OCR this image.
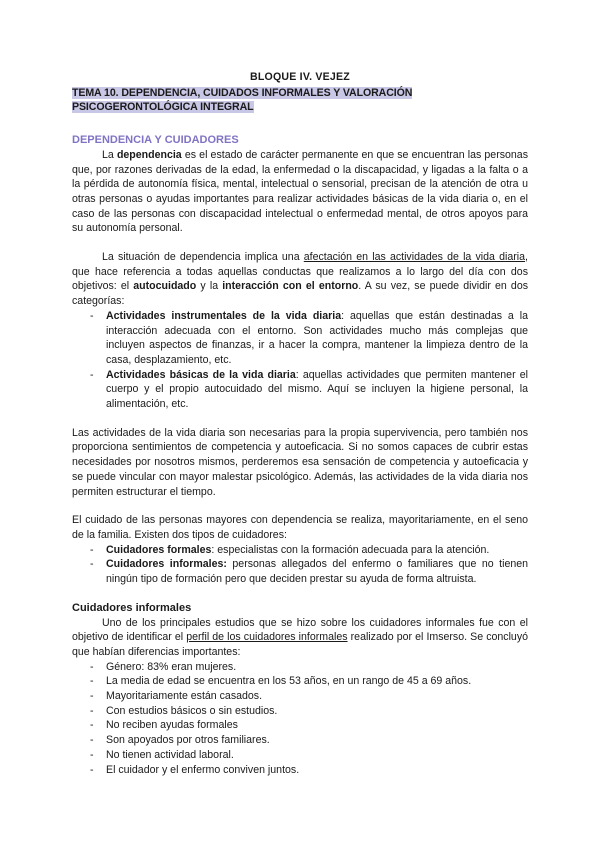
BLOQUE IV. VEJEZ
TEMA 10. DEPENDENCIA, CUIDADOS INFORMALES Y VALORACIÓN
PSICOGERONTOLÓGICA INTEGRAL
DEPENDENCIA Y CUIDADORES

La dependencia es el estado de carácter permanente en que se encuentran las personas que, por razones derivadas de la edad, la enfermedad o la discapacidad, y ligadas a la falta o a la pérdida de autonomía física, mental, intelectual o sensorial, precisan de la atención de otra u otras personas o ayudas importantes para realizar actividades básicas de la vida diaria o, en el caso de las personas con discapacidad intelectual o enfermedad mental, de otros apoyos para su autonomía personal.

La situación de dependencia implica una afectación en las actividades de la vida diaria, que hace referencia a todas aquellas conductas que realizamos a lo largo del día con dos objetivos: el autocuidado y la interacción con el entorno. A su vez, se puede dividir en dos categorías:

- Actividades instrumentales de la vida diaria: aquellas que están destinadas a la interacción adecuada con el entorno. Son actividades mucho más complejas que incluyen aspectos de finanzas, ir a hacer la compra, mantener la limpieza dentro de la casa, desplazamiento, etc.
- Actividades básicas de la vida diaria: aquellas actividades que permiten mantener el cuerpo y el propio autocuidado del mismo. Aquí se incluyen la higiene personal, la alimentación, etc.

Las actividades de la vida diaria son necesarias para la propia supervivencia, pero también nos proporciona sentimientos de competencia y autoeficacia. Si no somos capaces de cubrir estas necesidades por nosotros mismos, perderemos esa sensación de competencia y autoeficacia y se puede vincular con mayor malestar psicológico. Además, las actividades de la vida diaria nos permiten estructurar el tiempo.

El cuidado de las personas mayores con dependencia se realiza, mayoritariamente, en el seno de la familia. Existen dos tipos de cuidadores:

- Cuidadores formales: especialistas con la formación adecuada para la atención.
- Cuidadores informales: personas allegados del enfermo o familiares que no tienen ningún tipo de formación pero que deciden prestar su ayuda de forma altruista.
Cuidadores informales

Uno de los principales estudios que se hizo sobre los cuidadores informales fue con el objetivo de identificar el perfil de los cuidadores informales realizado por el Imserso. Se concluyó que habían diferencias importantes:

- Género: 83% eran mujeres.
- La media de edad se encuentra en los 53 años, en un rango de 45 a 69 años.
- Mayoritariamente están casados.
- Con estudios básicos o sin estudios.
- No reciben ayudas formales
- Son apoyados por otros familiares.
- No tienen actividad laboral.
- El cuidador y el enfermo conviven juntos.
